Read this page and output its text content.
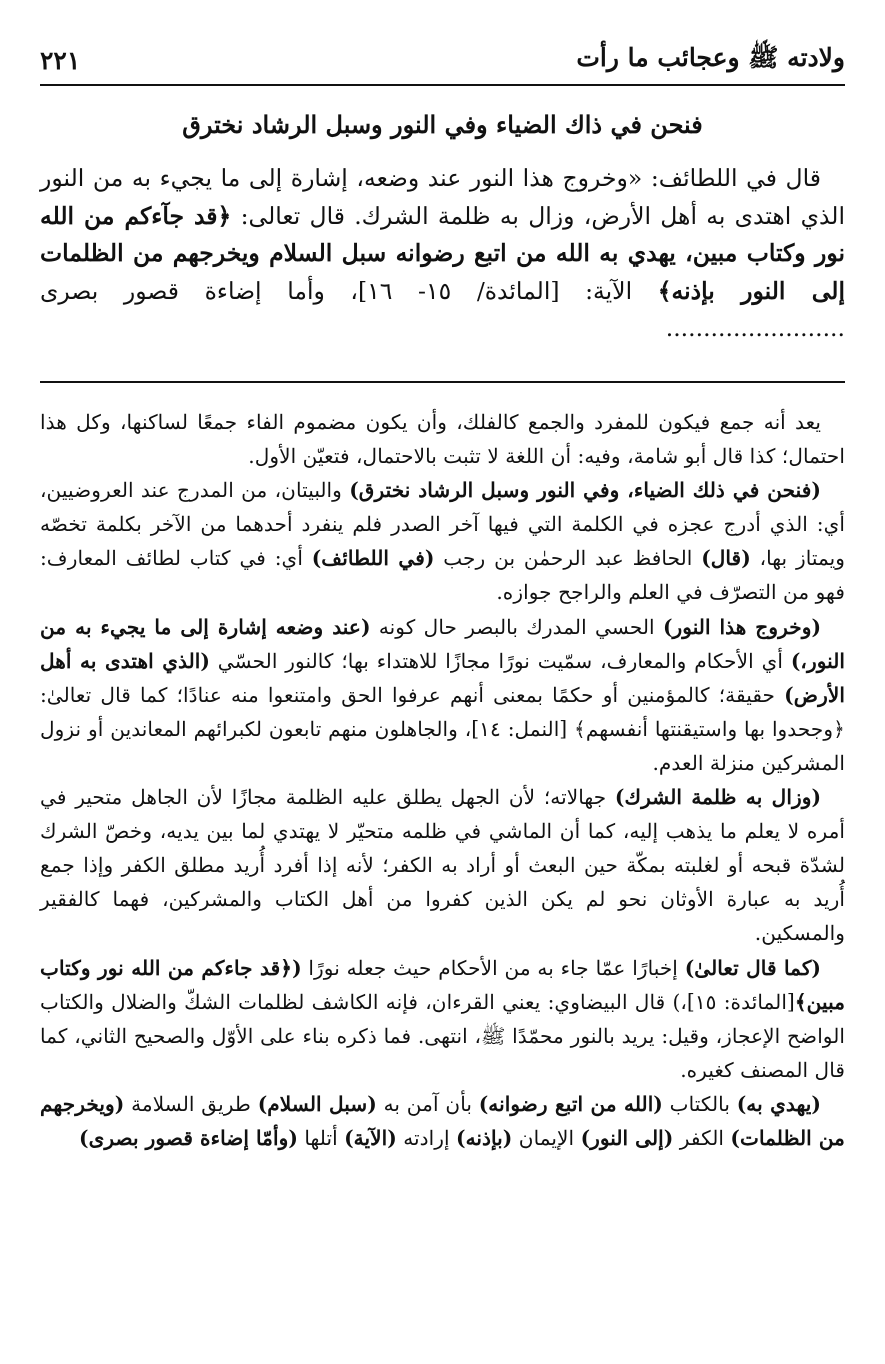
ولادته ﷺ وعجائب ما رأت
٢٢١
فنحن في ذاك الضياء وفي النور وسبل الرشاد نخترق

قال في اللطائف: «وخروج هذا النور عند وضعه، إشارة إلى ما يجيء به من النور الذي اهتدى به أهل الأرض، وزال به ظلمة الشرك. قال تعالى: ﴿قد جآءكم من الله نور وكتاب مبين، يهدي به الله من اتبع رضوانه سبل السلام ويخرجهم من الظلمات إلى النور بإذنه﴾ الآية: [المائدة/ ١٥- ١٦]، وأما إضاءة قصور بصرى ........................

يعد أنه جمع فيكون للمفرد والجمع كالفلك، وأن يكون مضموم الفاء جمعًا لساكنها، وكل هذا احتمال؛ كذا قال أبو شامة، وفيه: أن اللغة لا تثبت بالاحتمال، فتعيّن الأول.

(فنحن في ذلك الضياء، وفي النور وسبل الرشاد نخترق) والبيتان، من المدرج عند العروضيين، أي: الذي أدرج عجزه في الكلمة التي فيها آخر الصدر فلم ينفرد أحدهما من الآخر بكلمة تخصّه ويمتاز بها، (قال) الحافظ عبد الرحمٰن بن رجب (في اللطائف) أي: في كتاب لطائف المعارف: فهو من التصرّف في العلم والراجح جوازه.

(وخروج هذا النور) الحسي المدرك بالبصر حال كونه (عند وضعه إشارة إلى ما يجيء به من النور،) أي الأحكام والمعارف، سمّيت نورًا مجازًا للاهتداء بها؛ كالنور الحسّي (الذي اهتدى به أهل الأرض) حقيقة؛ كالمؤمنين أو حكمًا بمعنى أنهم عرفوا الحق وامتنعوا منه عنادًا؛ كما قال تعالىٰ: ﴿وجحدوا بها واستيقنتها أنفسهم﴾ [النمل: ١٤]، والجاهلون منهم تابعون لكبرائهم المعاندين أو نزول المشركين منزلة العدم.

(وزال به ظلمة الشرك) جهالاته؛ لأن الجهل يطلق عليه الظلمة مجازًا لأن الجاهل متحير في أمره لا يعلم ما يذهب إليه، كما أن الماشي في ظلمه متحيّر لا يهتدي لما بين يديه، وخصّ الشرك لشدّة قبحه أو لغلبته بمكّة حين البعث أو أراد به الكفر؛ لأنه إذا أفرد أُريد مطلق الكفر وإذا جمع أُريد به عبارة الأوثان نحو لم يكن الذين كفروا من أهل الكتاب والمشركين، فهما كالفقير والمسكين.

(كما قال تعالىٰ) إخبارًا عمّا جاء به من الأحكام حيث جعله نورًا (﴿قد جاءكم من الله نور وكتاب مبين﴾[المائدة: ١٥]،) قال البيضاوي: يعني القرءان، فإنه الكاشف لظلمات الشكّ والضلال والكتاب الواضح الإعجاز، وقيل: يريد بالنور محمّدًا ﷺ، انتهى. فما ذكره بناء على الأوّل والصحيح الثاني، كما قال المصنف كغيره.

(يهدي به) بالكتاب (الله من اتبع رضوانه) بأن آمن به (سبل السلام) طريق السلامة (ويخرجهم من الظلمات) الكفر (إلى النور) الإيمان (بإذنه) إرادته (الآية) أتلها (وأمّا إضاءة قصور بصرى)
